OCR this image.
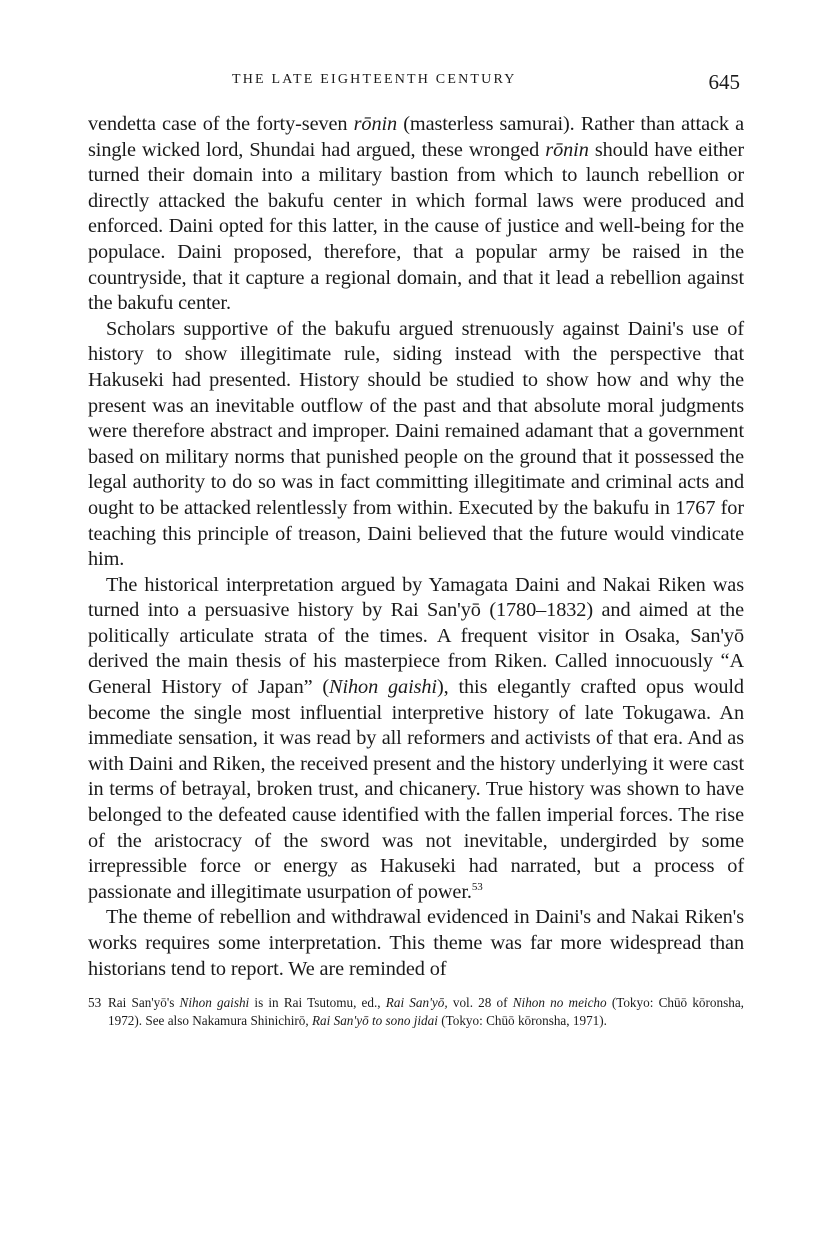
THE LATE EIGHTEENTH CENTURY	645

vendetta case of the forty-seven rōnin (masterless samurai). Rather than attack a single wicked lord, Shundai had argued, these wronged rōnin should have either turned their domain into a military bastion from which to launch rebellion or directly attacked the bakufu center in which formal laws were produced and enforced. Daini opted for this latter, in the cause of justice and well-being for the populace. Daini proposed, therefore, that a popular army be raised in the countryside, that it capture a regional domain, and that it lead a rebellion against the bakufu center.

Scholars supportive of the bakufu argued strenuously against Daini's use of history to show illegitimate rule, siding instead with the perspective that Hakuseki had presented. History should be studied to show how and why the present was an inevitable outflow of the past and that absolute moral judgments were therefore abstract and improper. Daini remained adamant that a government based on military norms that punished people on the ground that it possessed the legal authority to do so was in fact committing illegitimate and criminal acts and ought to be attacked relentlessly from within. Executed by the bakufu in 1767 for teaching this principle of treason, Daini believed that the future would vindicate him.

The historical interpretation argued by Yamagata Daini and Nakai Riken was turned into a persuasive history by Rai San'yō (1780–1832) and aimed at the politically articulate strata of the times. A frequent visitor in Osaka, San'yō derived the main thesis of his masterpiece from Riken. Called innocuously “A General History of Japan” (Nihon gaishi), this elegantly crafted opus would become the single most influential interpretive history of late Tokugawa. An immediate sensation, it was read by all reformers and activists of that era. And as with Daini and Riken, the received present and the history underlying it were cast in terms of betrayal, broken trust, and chicanery. True history was shown to have belonged to the defeated cause identified with the fallen imperial forces. The rise of the aristocracy of the sword was not inevitable, undergirded by some irrepressible force or energy as Hakuseki had narrated, but a process of passionate and illegitimate usurpation of power.$^{53}$

The theme of rebellion and withdrawal evidenced in Daini's and Nakai Riken's works requires some interpretation. This theme was far more widespread than historians tend to report. We are reminded of

53 Rai San'yō's Nihon gaishi is in Rai Tsutomu, ed., Rai San'yō, vol. 28 of Nihon no meicho (Tokyo: Chūō kōronsha, 1972). See also Nakamura Shinichirō, Rai San'yō to sono jidai (Tokyo: Chūō kōronsha, 1971).
